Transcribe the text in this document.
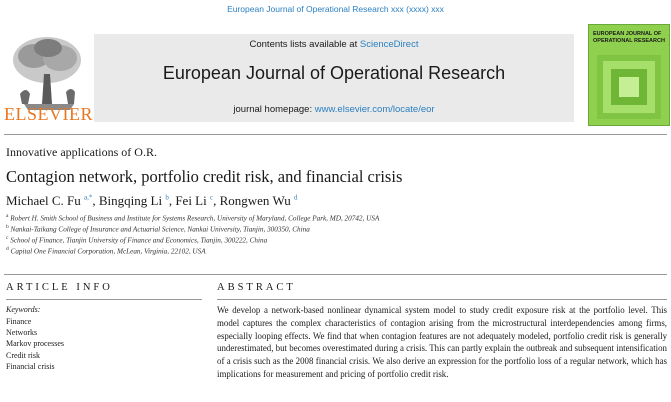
European Journal of Operational Research xxx (xxxx) xxx
ELSEVIER
Contents lists available at ScienceDirect
European Journal of Operational Research
journal homepage: www.elsevier.com/locate/eor
EUROPEAN JOURNAL OF
OPERATIONAL RESEARCH
Innovative applications of O.R.
Contagion network, portfolio credit risk, and financial crisis
Michael C. Fu $^{a,*}$, Bingqing Li $^b$, Fei Li $^c$, Rongwen Wu $^d$
$^a$ Robert H. Smith School of Business and Institute for Systems Research, University of Maryland, College Park, MD, 20742, USA
$^b$ Nankai-Taikang College of Insurance and Actuarial Science, Nankai University, Tianjin, 300350, China
$^c$ School of Finance, Tianjin University of Finance and Economics, Tianjin, 300222, China
$^d$ Capital One Financial Corporation, McLean, Virginia, 22102, USA
ARTICLE INFO
Keywords:
Finance
Networks
Markov processes
Credit risk
Financial crisis
ABSTRACT

We develop a network-based nonlinear dynamical system model to study credit exposure risk at the portfolio level. This model captures the complex characteristics of contagion arising from the microstructural interdependencies among firms, especially looping effects. We find that when contagion features are not adequately modeled, portfolio credit risk is generally underestimated, but becomes overestimated during a crisis. This can partly explain the outbreak and subsequent intensification of a crisis such as the 2008 financial crisis. We also derive an expression for the portfolio loss of a regular network, which has implications for measurement and pricing of portfolio credit risk.
